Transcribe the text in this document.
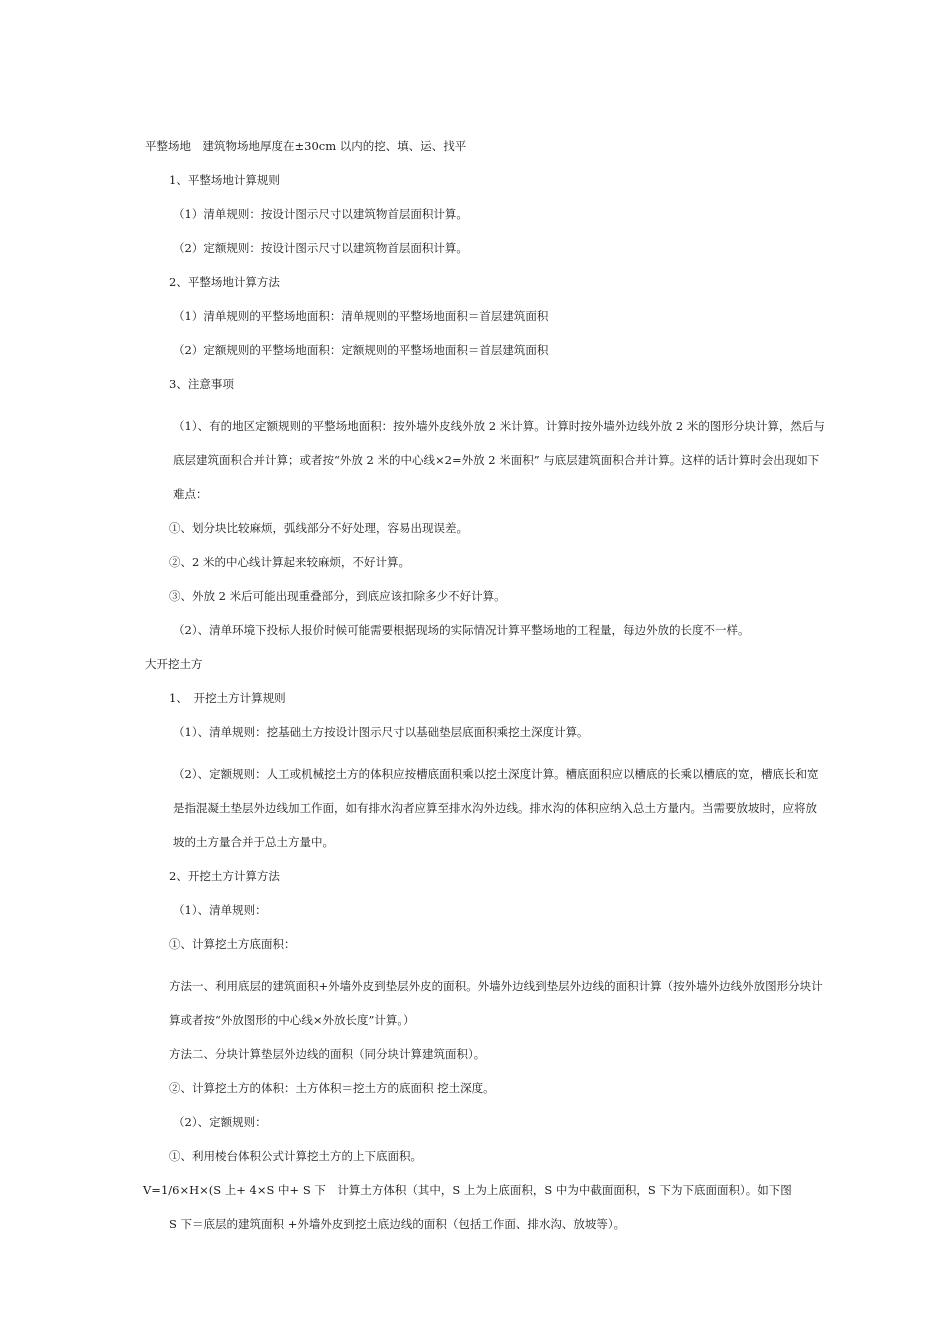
平整场地　建筑物场地厚度在±30cm 以内的挖、填、运、找平

1、平整场地计算规则

（1）清单规则：按设计图示尺寸以建筑物首层面积计算。

（2）定额规则：按设计图示尺寸以建筑物首层面积计算。

2、平整场地计算方法

（1）清单规则的平整场地面积：清单规则的平整场地面积＝首层建筑面积

（2）定额规则的平整场地面积：定额规则的平整场地面积＝首层建筑面积

3、注意事项

（1）、有的地区定额规则的平整场地面积：按外墙外皮线外放 2 米计算。计算时按外墙外边线外放 2 米的图形分块计算，然后与底层建筑面积合并计算；或者按“外放 2 米的中心线×2=外放 2 米面积” 与底层建筑面积合并计算。这样的话计算时会出现如下难点：

①、划分块比较麻烦，弧线部分不好处理，容易出现误差。

②、2 米的中心线计算起来较麻烦，不好计算。

③、外放 2 米后可能出现重叠部分，到底应该扣除多少不好计算。

（2）、清单环境下投标人报价时候可能需要根据现场的实际情况计算平整场地的工程量，每边外放的长度不一样。

大开挖土方

1、　开挖土方计算规则

（1）、清单规则：挖基础土方按设计图示尺寸以基础垫层底面积乘挖土深度计算。

（2）、定额规则：人工或机械挖土方的体积应按槽底面积乘以挖土深度计算。槽底面积应以槽底的长乘以槽底的宽，槽底长和宽是指混凝土垫层外边线加工作面，如有排水沟者应算至排水沟外边线。排水沟的体积应纳入总土方量内。当需要放坡时，应将放坡的土方量合并于总土方量中。

2、开挖土方计算方法

（1）、清单规则：

①、计算挖土方底面积：

方法一、利用底层的建筑面积+外墙外皮到垫层外皮的面积。外墙外边线到垫层外边线的面积计算（按外墙外边线外放图形分块计算或者按“外放图形的中心线×外放长度”计算。）

方法二、分块计算垫层外边线的面积（同分块计算建筑面积）。

②、计算挖土方的体积：土方体积＝挖土方的底面积 挖土深度。

（2）、定额规则：

①、利用棱台体积公式计算挖土方的上下底面积。

V=1/6×H×(S 上+ 4×S 中+ S 下　计算土方体积（其中，S 上为上底面积，S 中为中截面面积，S 下为下底面面积）。如下图

S 下＝底层的建筑面积 +外墙外皮到挖土底边线的面积（包括工作面、排水沟、放坡等）。
